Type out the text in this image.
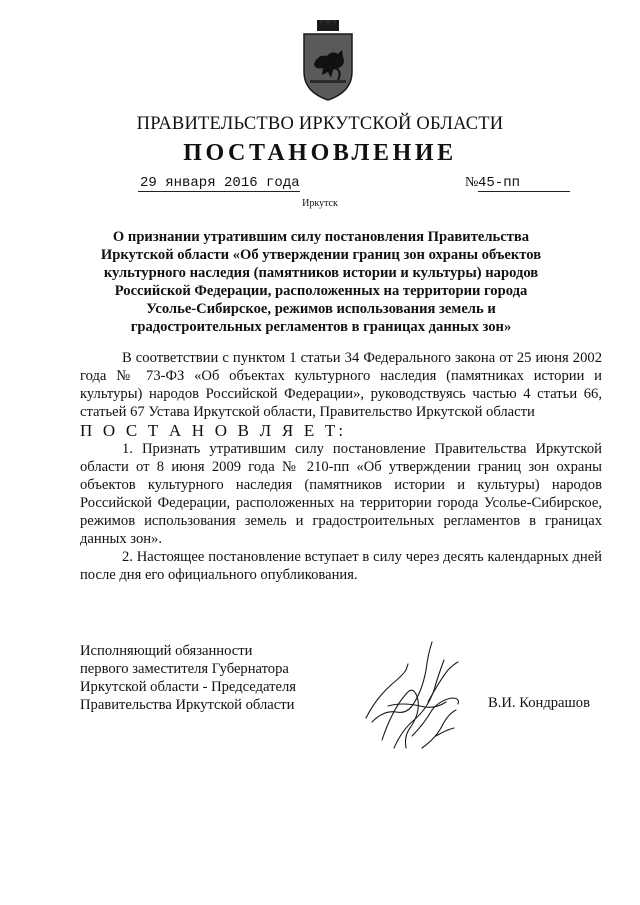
ПРАВИТЕЛЬСТВО ИРКУТСКОЙ ОБЛАСТИ
ПОСТАНОВЛЕНИЕ
29 января 2016 года	№ 45-пп
Иркутск
О признании утратившим силу постановления Правительства Иркутской области «Об утверждении границ зон охраны объектов культурного наследия (памятников истории и культуры) народов Российской Федерации, расположенных на территории города Усолье-Сибирское, режимов использования земель и градостроительных регламентов в границах данных зон»

В соответствии с пунктом 1 статьи 34 Федерального закона от 25 июня 2002 года № 73-ФЗ «Об объектах культурного наследия (памятниках истории и культуры) народов Российской Федерации», руководствуясь частью 4 статьи 66, статьей 67 Устава Иркутской области, Правительство Иркутской области

П О С Т А Н О В Л Я Е Т:

1. Признать утратившим силу постановление Правительства Иркутской области от 8 июня 2009 года № 210-пп «Об утверждении границ зон охраны объектов культурного наследия (памятников истории и культуры) народов Российской Федерации, расположенных на территории города Усолье-Сибирское, режимов использования земель и градостроительных регламентов в границах данных зон».

2. Настоящее постановление вступает в силу через десять календарных дней после дня его официального опубликования.

Исполняющий обязанности
первого заместителя Губернатора
Иркутской области - Председателя
Правительства Иркутской области	В.И. Кондрашов
